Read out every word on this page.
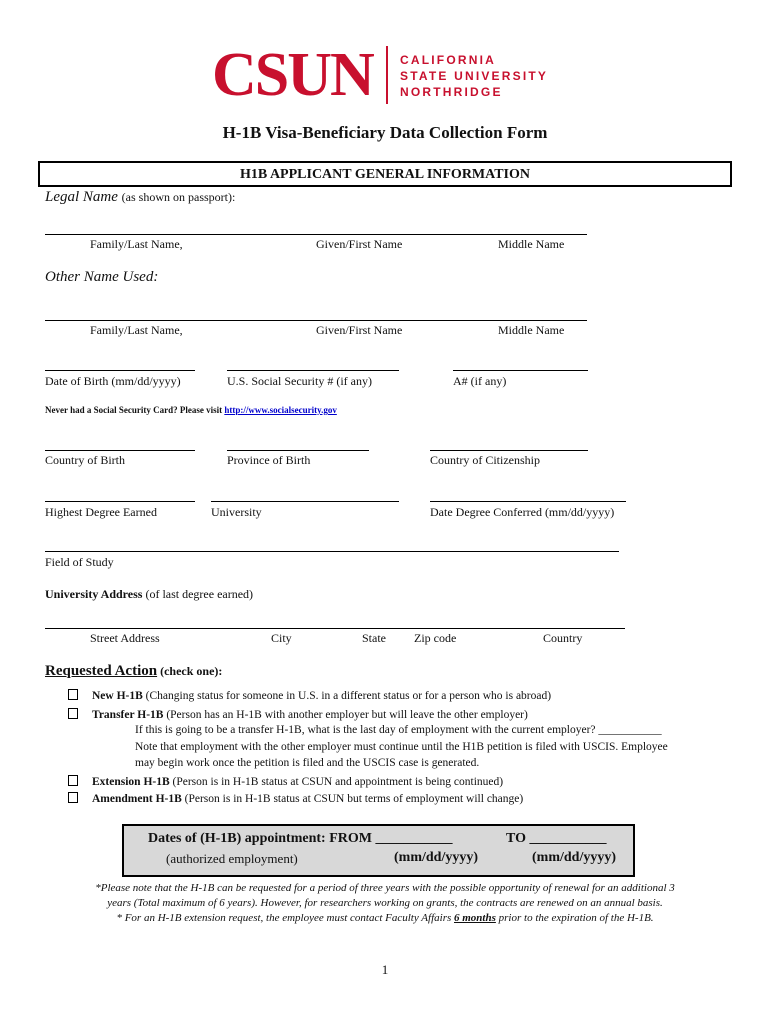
CSUN CALIFORNIA
STATE UNIVERSITY
NORTHRIDGE
H-1B Visa-Beneficiary Data Collection Form
H1B APPLICANT GENERAL INFORMATION
Legal Name (as shown on passport):
Family/Last Name,	Given/First Name	Middle Name
Other Name Used:
Family/Last Name,	Given/First Name	Middle Name
Date of Birth (mm/dd/yyyy)	U.S. Social Security # (if any)	A# (if any)
Never had a Social Security Card? Please visit http://www.socialsecurity.gov
Country of Birth	Province of Birth	Country of Citizenship
Highest Degree Earned	University	Date Degree Conferred (mm/dd/yyyy)
Field of Study
University Address (of last degree earned)
Street Address	City	State Zip code	Country
Requested Action (check one):
New H-1B (Changing status for someone in U.S. in a different status or for a person who is abroad)
Transfer H-1B (Person has an H-1B with another employer but will leave the other employer)
If this is going to be a transfer H-1B, what is the last day of employment with the current employer? ___________
Note that employment with the other employer must continue until the H1B petition is filed with USCIS. Employee
may begin work once the petition is filed and the USCIS case is generated.
Extension H-1B (Person is in H-1B status at CSUN and appointment is being continued)
Amendment H-1B (Person is in H-1B status at CSUN but terms of employment will change)
Dates of (H-1B) appointment: FROM ___________	TO ___________
(authorized employment)	(mm/dd/yyyy)	(mm/dd/yyyy)
*Please note that the H-1B can be requested for a period of three years with the possible opportunity of renewal for an additional 3
years (Total maximum of 6 years). However, for researchers working on grants, the contracts are renewed on an annual basis.
* For an H-1B extension request, the employee must contact Faculty Affairs 6 months prior to the expiration of the H-1B.
1
